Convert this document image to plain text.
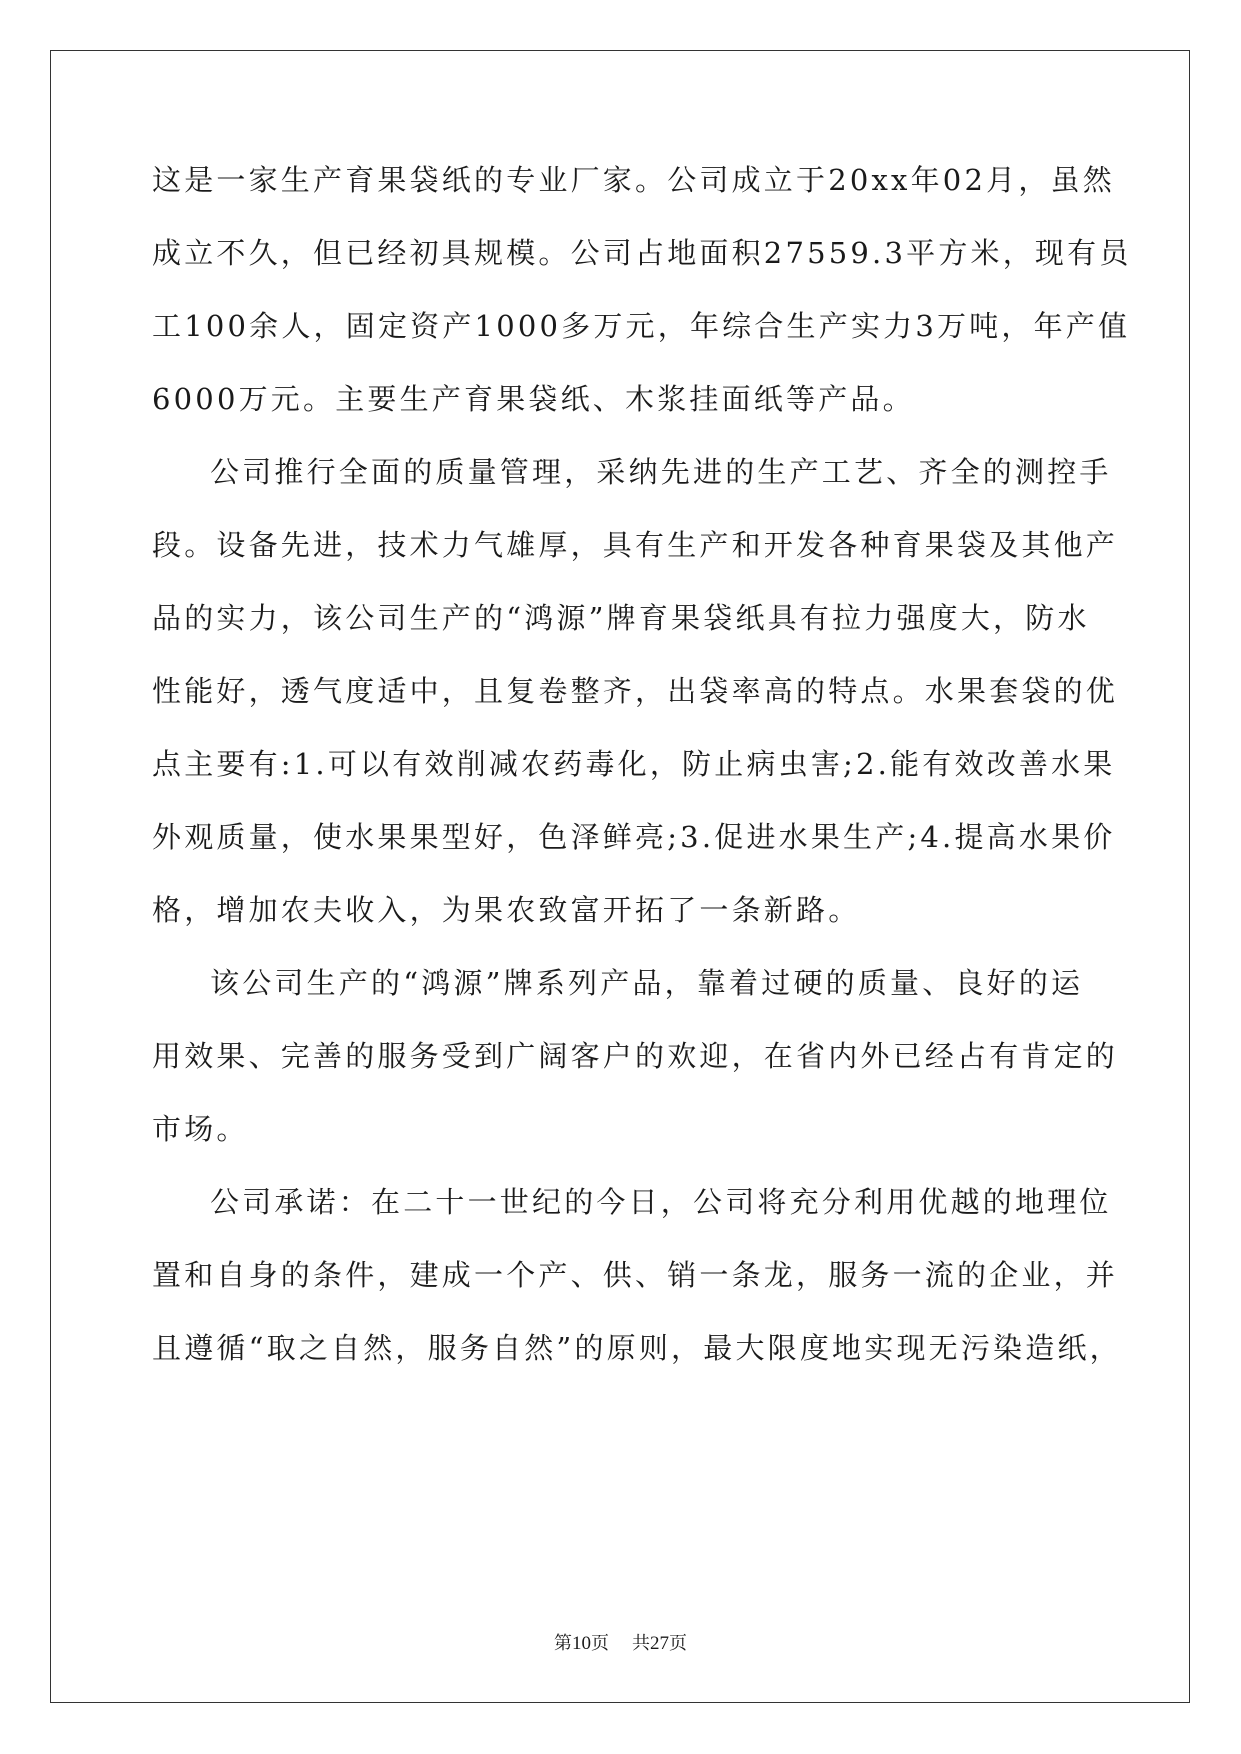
这是一家生产育果袋纸的专业厂家。公司成立于20xx年02月，虽然
成立不久，但已经初具规模。公司占地面积27559.3平方米，现有员
工100余人，固定资产1000多万元，年综合生产实力3万吨，年产值
6000万元。主要生产育果袋纸、木浆挂面纸等产品。
公司推行全面的质量管理，采纳先进的生产工艺、齐全的测控手
段。设备先进，技术力气雄厚，具有生产和开发各种育果袋及其他产
品的实力，该公司生产的“鸿源”牌育果袋纸具有拉力强度大，防水
性能好，透气度适中，且复卷整齐，出袋率高的特点。水果套袋的优
点主要有:1.可以有效削减农药毒化，防止病虫害;2.能有效改善水果
外观质量，使水果果型好，色泽鲜亮;3.促进水果生产;4.提高水果价
格，增加农夫收入，为果农致富开拓了一条新路。
该公司生产的“鸿源”牌系列产品，靠着过硬的质量、良好的运
用效果、完善的服务受到广阔客户的欢迎，在省内外已经占有肯定的
市场。
公司承诺：在二十一世纪的今日，公司将充分利用优越的地理位
置和自身的条件，建成一个产、供、销一条龙，服务一流的企业，并
且遵循“取之自然，服务自然”的原则，最大限度地实现无污染造纸，
第10页 共27页
